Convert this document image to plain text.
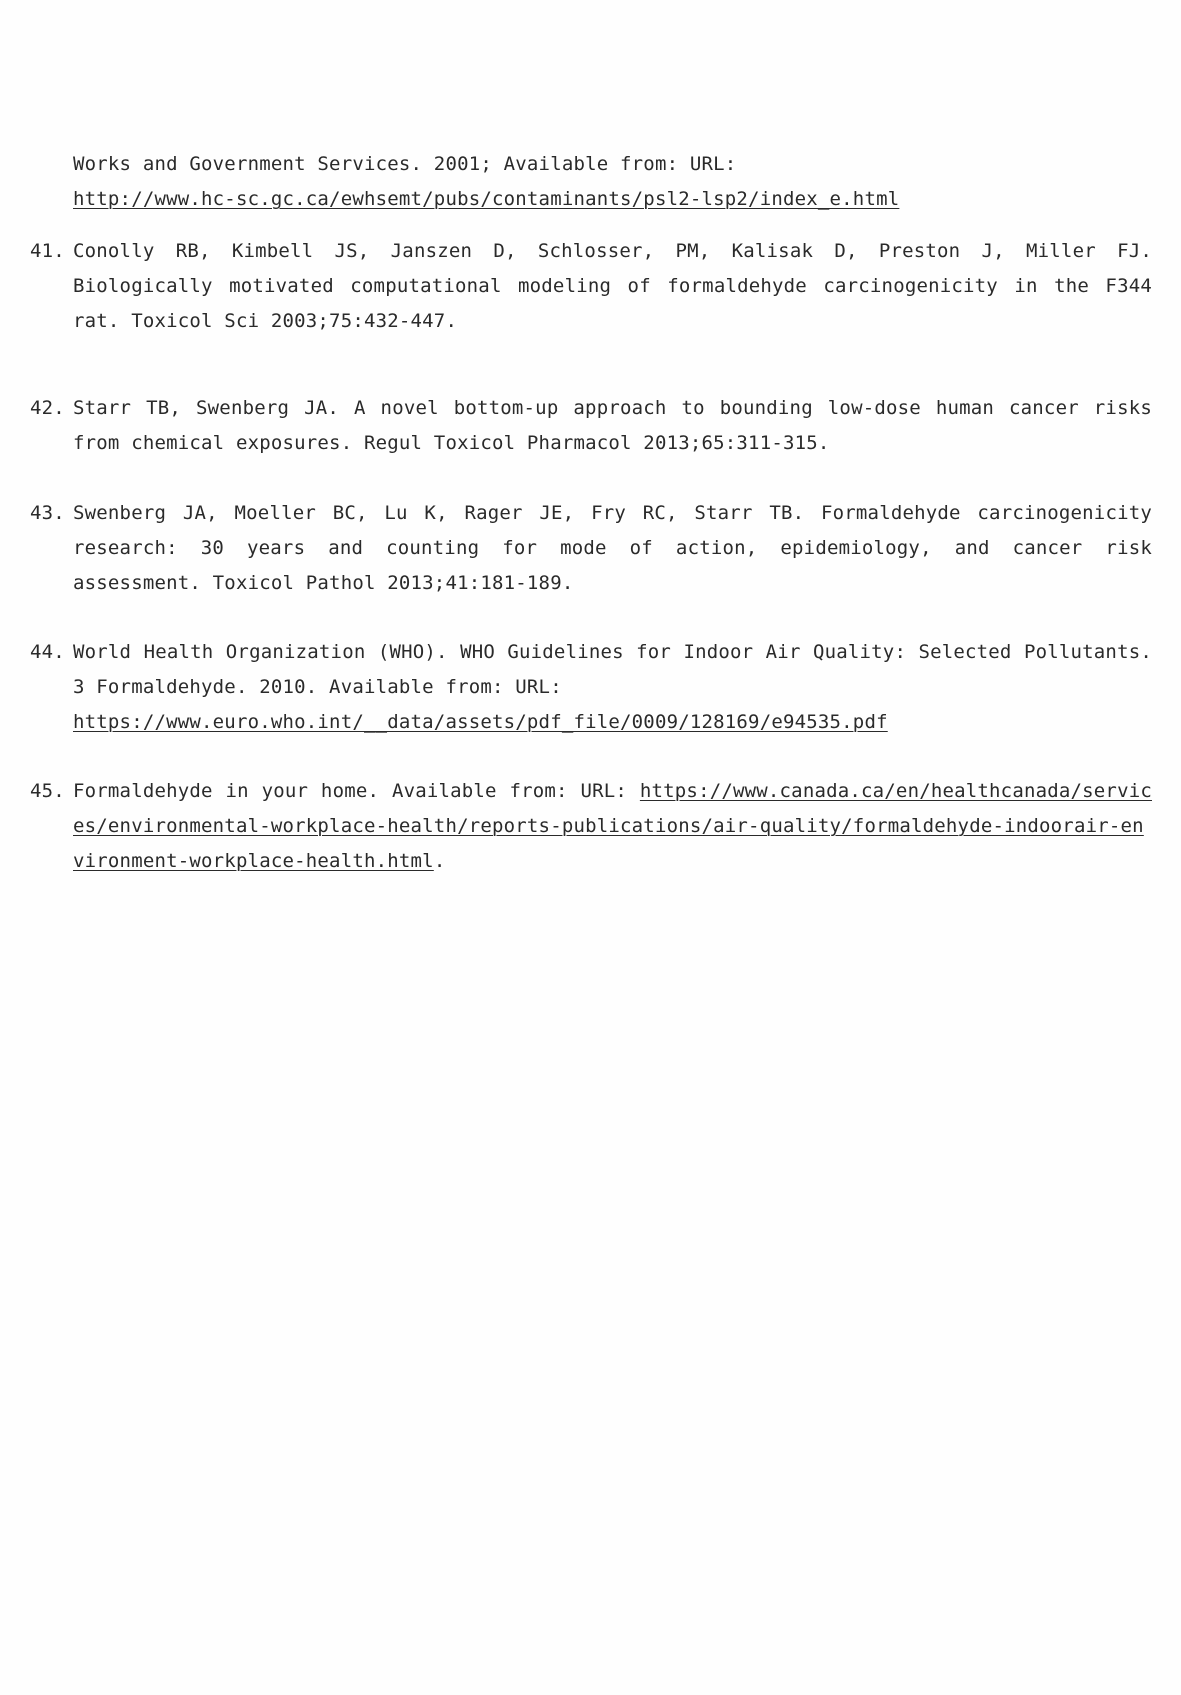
Works and Government Services. 2001; Available from: URL:
http://www.hc-sc.gc.ca/ewhsemt/pubs/contaminants/psl2-lsp2/index_e.html
41. Conolly RB, Kimbell JS, Janszen D, Schlosser, PM, Kalisak D, Preston J, Miller FJ. Biologically motivated computational modeling of formaldehyde carcinogenicity in the F344 rat. Toxicol Sci 2003;75:432-447.
42. Starr TB, Swenberg JA. A novel bottom-up approach to bounding low-dose human cancer risks from chemical exposures. Regul Toxicol Pharmacol 2013;65:311-315.
43. Swenberg JA, Moeller BC, Lu K, Rager JE, Fry RC, Starr TB. Formaldehyde carcinogenicity research: 30 years and counting for mode of action, epidemiology, and cancer risk assessment. Toxicol Pathol 2013;41:181-189.
44. World Health Organization (WHO). WHO Guidelines for Indoor Air Quality: Selected Pollutants. 3 Formaldehyde. 2010. Available from: URL:
https://www.euro.who.int/__data/assets/pdf_file/0009/128169/e94535.pdf
45. Formaldehyde in your home. Available from: URL: https://www.canada.ca/en/healthcanada/services/environmental-workplace-health/reports-publications/air-quality/formaldehyde-indoorair-environment-workplace-health.html.
